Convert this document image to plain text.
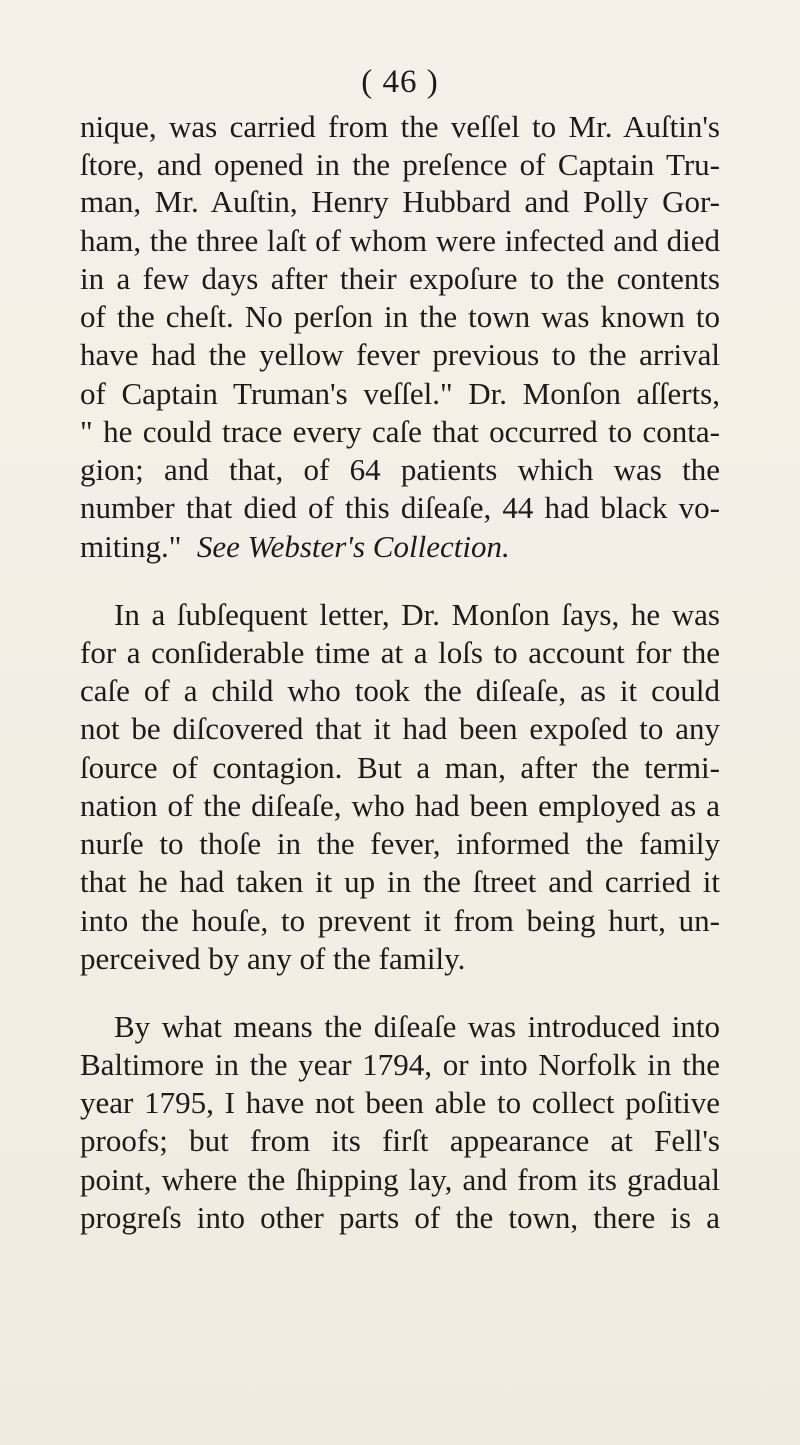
( 46 )
nique, was carried from the veſſel to Mr. Auſtin's
ſtore, and opened in the preſence of Captain Tru-
man, Mr. Auſtin, Henry Hubbard and Polly Gor-
ham, the three laſt of whom were infected and died
in a few days after their expoſure to the contents
of the cheſt. No perſon in the town was known to
have had the yellow fever previous to the arrival
of Captain Truman's veſſel." Dr. Monſon aſſerts,
" he could trace every caſe that occurred to conta-
gion; and that, of 64 patients which was the
number that died of this diſeaſe, 44 had black vo-
miting." See Webster's Collection.
In a ſubſequent letter, Dr. Monſon ſays, he was
for a conſiderable time at a loſs to account for the
caſe of a child who took the diſeaſe, as it could
not be diſcovered that it had been expoſed to any
ſource of contagion. But a man, after the termi-
nation of the diſeaſe, who had been employed as a
nurſe to thoſe in the fever, informed the family
that he had taken it up in the ſtreet and carried it
into the houſe, to prevent it from being hurt, un-
perceived by any of the family.
By what means the diſeaſe was introduced into
Baltimore in the year 1794, or into Norfolk in the
year 1795, I have not been able to collect poſitive
proofs; but from its firſt appearance at Fell's
point, where the ſhipping lay, and from its gradual
progreſs into other parts of the town, there is a
